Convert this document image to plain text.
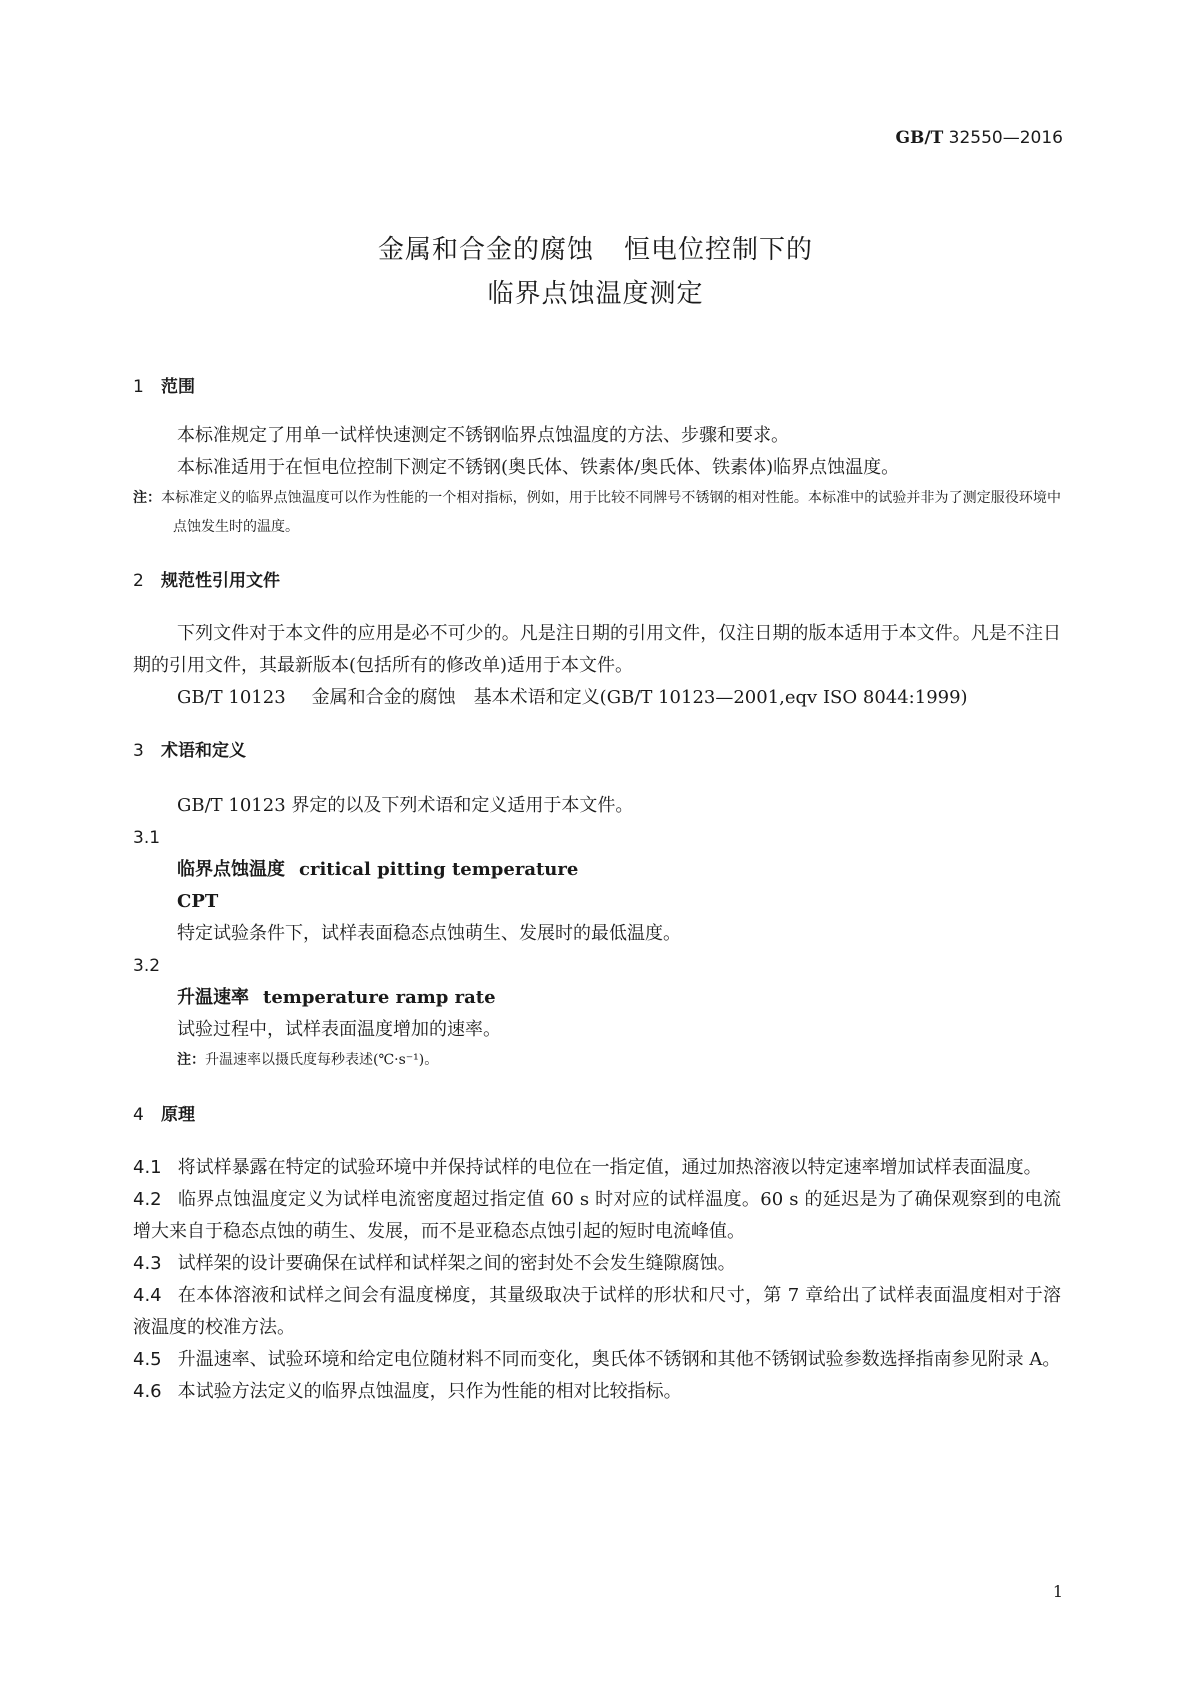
GB/T 32550—2016
金属和合金的腐蚀 恒电位控制下的
临界点蚀温度测定
1 范围

本标准规定了用单一试样快速测定不锈钢临界点蚀温度的方法、步骤和要求。

本标准适用于在恒电位控制下测定不锈钢(奥氏体、铁素体/奥氏体、铁素体)临界点蚀温度。

注：本标准定义的临界点蚀温度可以作为性能的一个相对指标，例如，用于比较不同牌号不锈钢的相对性能。本标准中的试验并非为了测定服役环境中点蚀发生时的温度。

2 规范性引用文件

下列文件对于本文件的应用是必不可少的。凡是注日期的引用文件，仅注日期的版本适用于本文件。凡是不注日期的引用文件，其最新版本(包括所有的修改单)适用于本文件。

GB/T 10123 金属和合金的腐蚀　基本术语和定义(GB/T 10123—2001,eqv ISO 8044:1999)

3 术语和定义

GB/T 10123 界定的以及下列术语和定义适用于本文件。

3.1
临界点蚀温度 critical pitting temperature
CPT
特定试验条件下，试样表面稳态点蚀萌生、发展时的最低温度。
3.2
升温速率 temperature ramp rate
试验过程中，试样表面温度增加的速率。
注：升温速率以摄氏度每秒表述(℃·s⁻¹)。
4 原理

4.1 将试样暴露在特定的试验环境中并保持试样的电位在一指定值，通过加热溶液以特定速率增加试样表面温度。

4.2 临界点蚀温度定义为试样电流密度超过指定值 60 s 时对应的试样温度。60 s 的延迟是为了确保观察到的电流增大来自于稳态点蚀的萌生、发展，而不是亚稳态点蚀引起的短时电流峰值。

4.3 试样架的设计要确保在试样和试样架之间的密封处不会发生缝隙腐蚀。

4.4 在本体溶液和试样之间会有温度梯度，其量级取决于试样的形状和尺寸，第 7 章给出了试样表面温度相对于溶液温度的校准方法。

4.5 升温速率、试验环境和给定电位随材料不同而变化，奥氏体不锈钢和其他不锈钢试验参数选择指南参见附录 A。

4.6 本试验方法定义的临界点蚀温度，只作为性能的相对比较指标。

1
